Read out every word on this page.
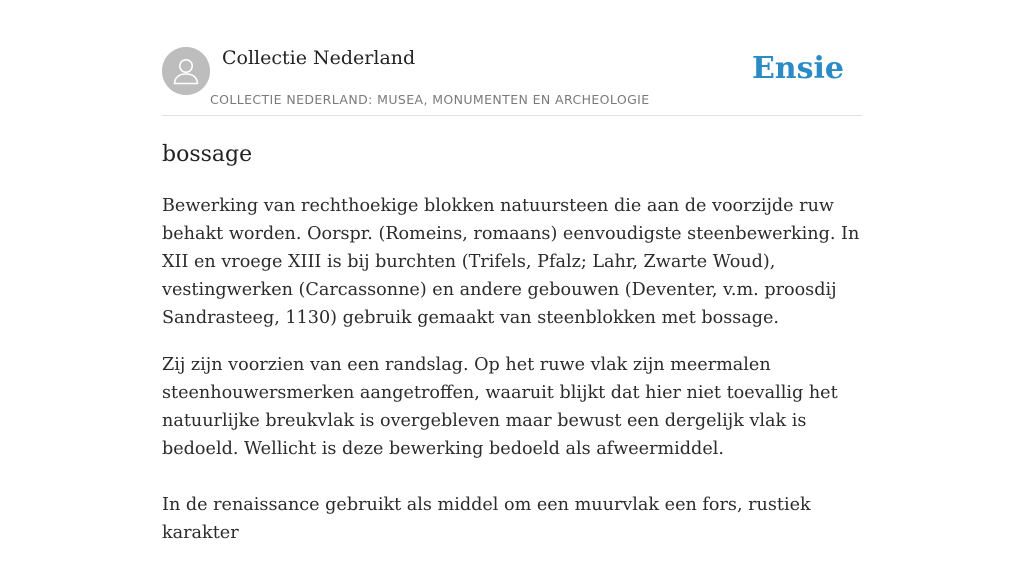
Collectie Nederland
COLLECTIE NEDERLAND: MUSEA, MONUMENTEN EN ARCHEOLOGIE
Ensie
bossage

Bewerking van rechthoekige blokken natuursteen die aan de voorzijde ruw behakt worden. Oorspr. (Romeins, romaans) eenvoudigste steenbewerking. In XII en vroege XIII is bij burchten (Trifels, Pfalz; Lahr, Zwarte Woud), vestingwerken (Carcassonne) en andere gebouwen (Deventer, v.m. proosdij Sandrasteeg, 1130) gebruik gemaakt van steenblokken met bossage.

Zij zijn voorzien van een randslag. Op het ruwe vlak zijn meermalen steenhouwersmerken aangetroffen, waaruit blijkt dat hier niet toevallig het natuurlijke breukvlak is overgebleven maar bewust een dergelijk vlak is bedoeld. Wellicht is deze bewerking bedoeld als afweermiddel.

In de renaissance gebruikt als middel om een muurvlak een fors, rustiek karakter
